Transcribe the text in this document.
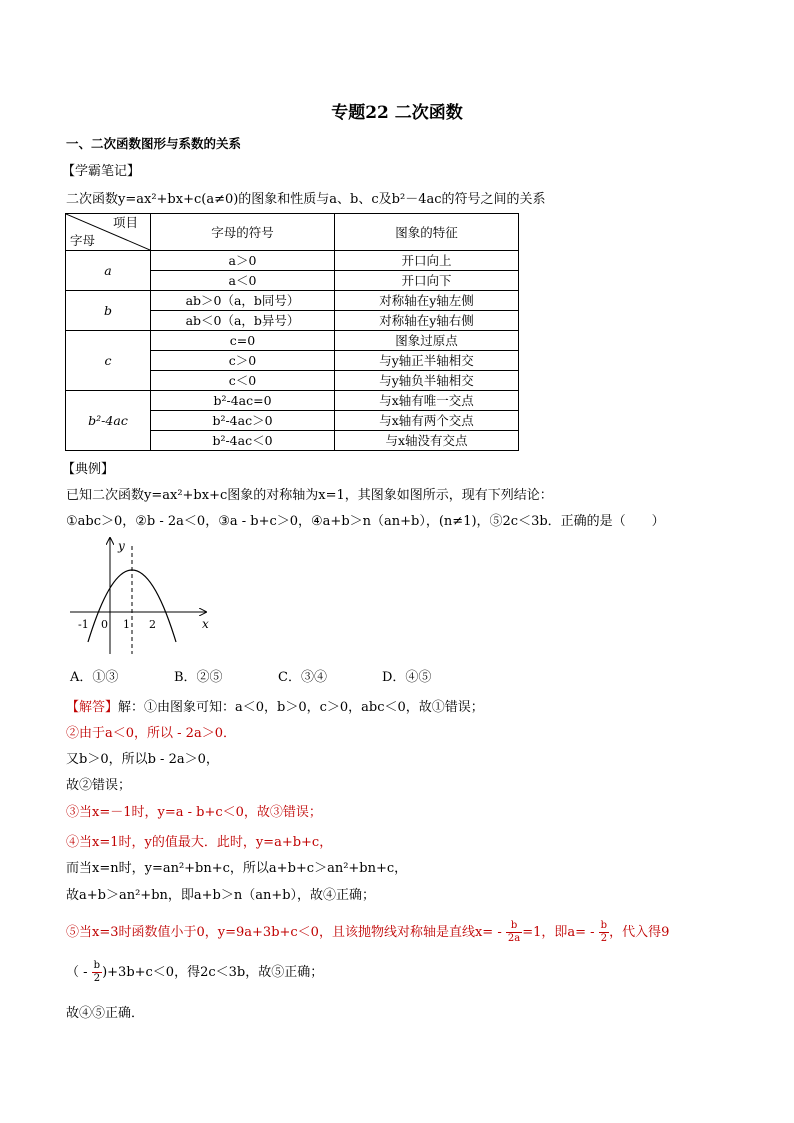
专题22 二次函数
一、二次函数图形与系数的关系
【学霸笔记】
二次函数y=ax²+bx+c(a≠0)的图象和性质与a、b、c及b²－4ac的符号之间的关系
项目
字母	字母的符号	图象的特征
a	a＞0	开口向上
	a＜0	开口向下
b	ab＞0（a，b同号）	对称轴在y轴左侧
	ab＜0（a，b异号）	对称轴在y轴右侧
c	c=0	图象过原点
	c＞0	与y轴正半轴相交
	c＜0	与y轴负半轴相交
b²-4ac	b²-4ac=0	与x轴有唯一交点
	b²-4ac＞0	与x轴有两个交点
	b²-4ac＜0	与x轴没有交点
【典例】
已知二次函数y=ax²+bx+c图象的对称轴为x=1，其图象如图所示，现有下列结论：
①abc＞0，②b - 2a＜0，③a - b+c＞0，④a+b＞n（an+b），(n≠1)，⑤2c＜3b．正确的是（　　）
y
x
-1 0 1 2
A．①③	B．②⑤	C．③④	D．④⑤
【解答】解：①由图象可知：a＜0，b＞0，c＞0，abc＜0，故①错误；
②由于a＜0，所以 - 2a＞0．
又b＞0，所以b - 2a＞0，
故②错误；
③当x=－1时，y=a - b+c＜0，故③错误；
④当x=1时，y的值最大．此时，y=a+b+c，
而当x=n时，y=an²+bn+c，所以a+b+c＞an²+bn+c，
故a+b＞an²+bn，即a+b＞n（an+b），故④正确；
⑤当x=3时函数值小于0，y=9a+3b+c＜0，且该抛物线对称轴是直线$x= - \frac{b}{2a} =1$，即$a= - \frac{b}{2}$ ，代入得9
（ - $\frac{b}{2} )+3b+c<0$，得2c＜3b，故⑤正确；
故④⑤正确．
